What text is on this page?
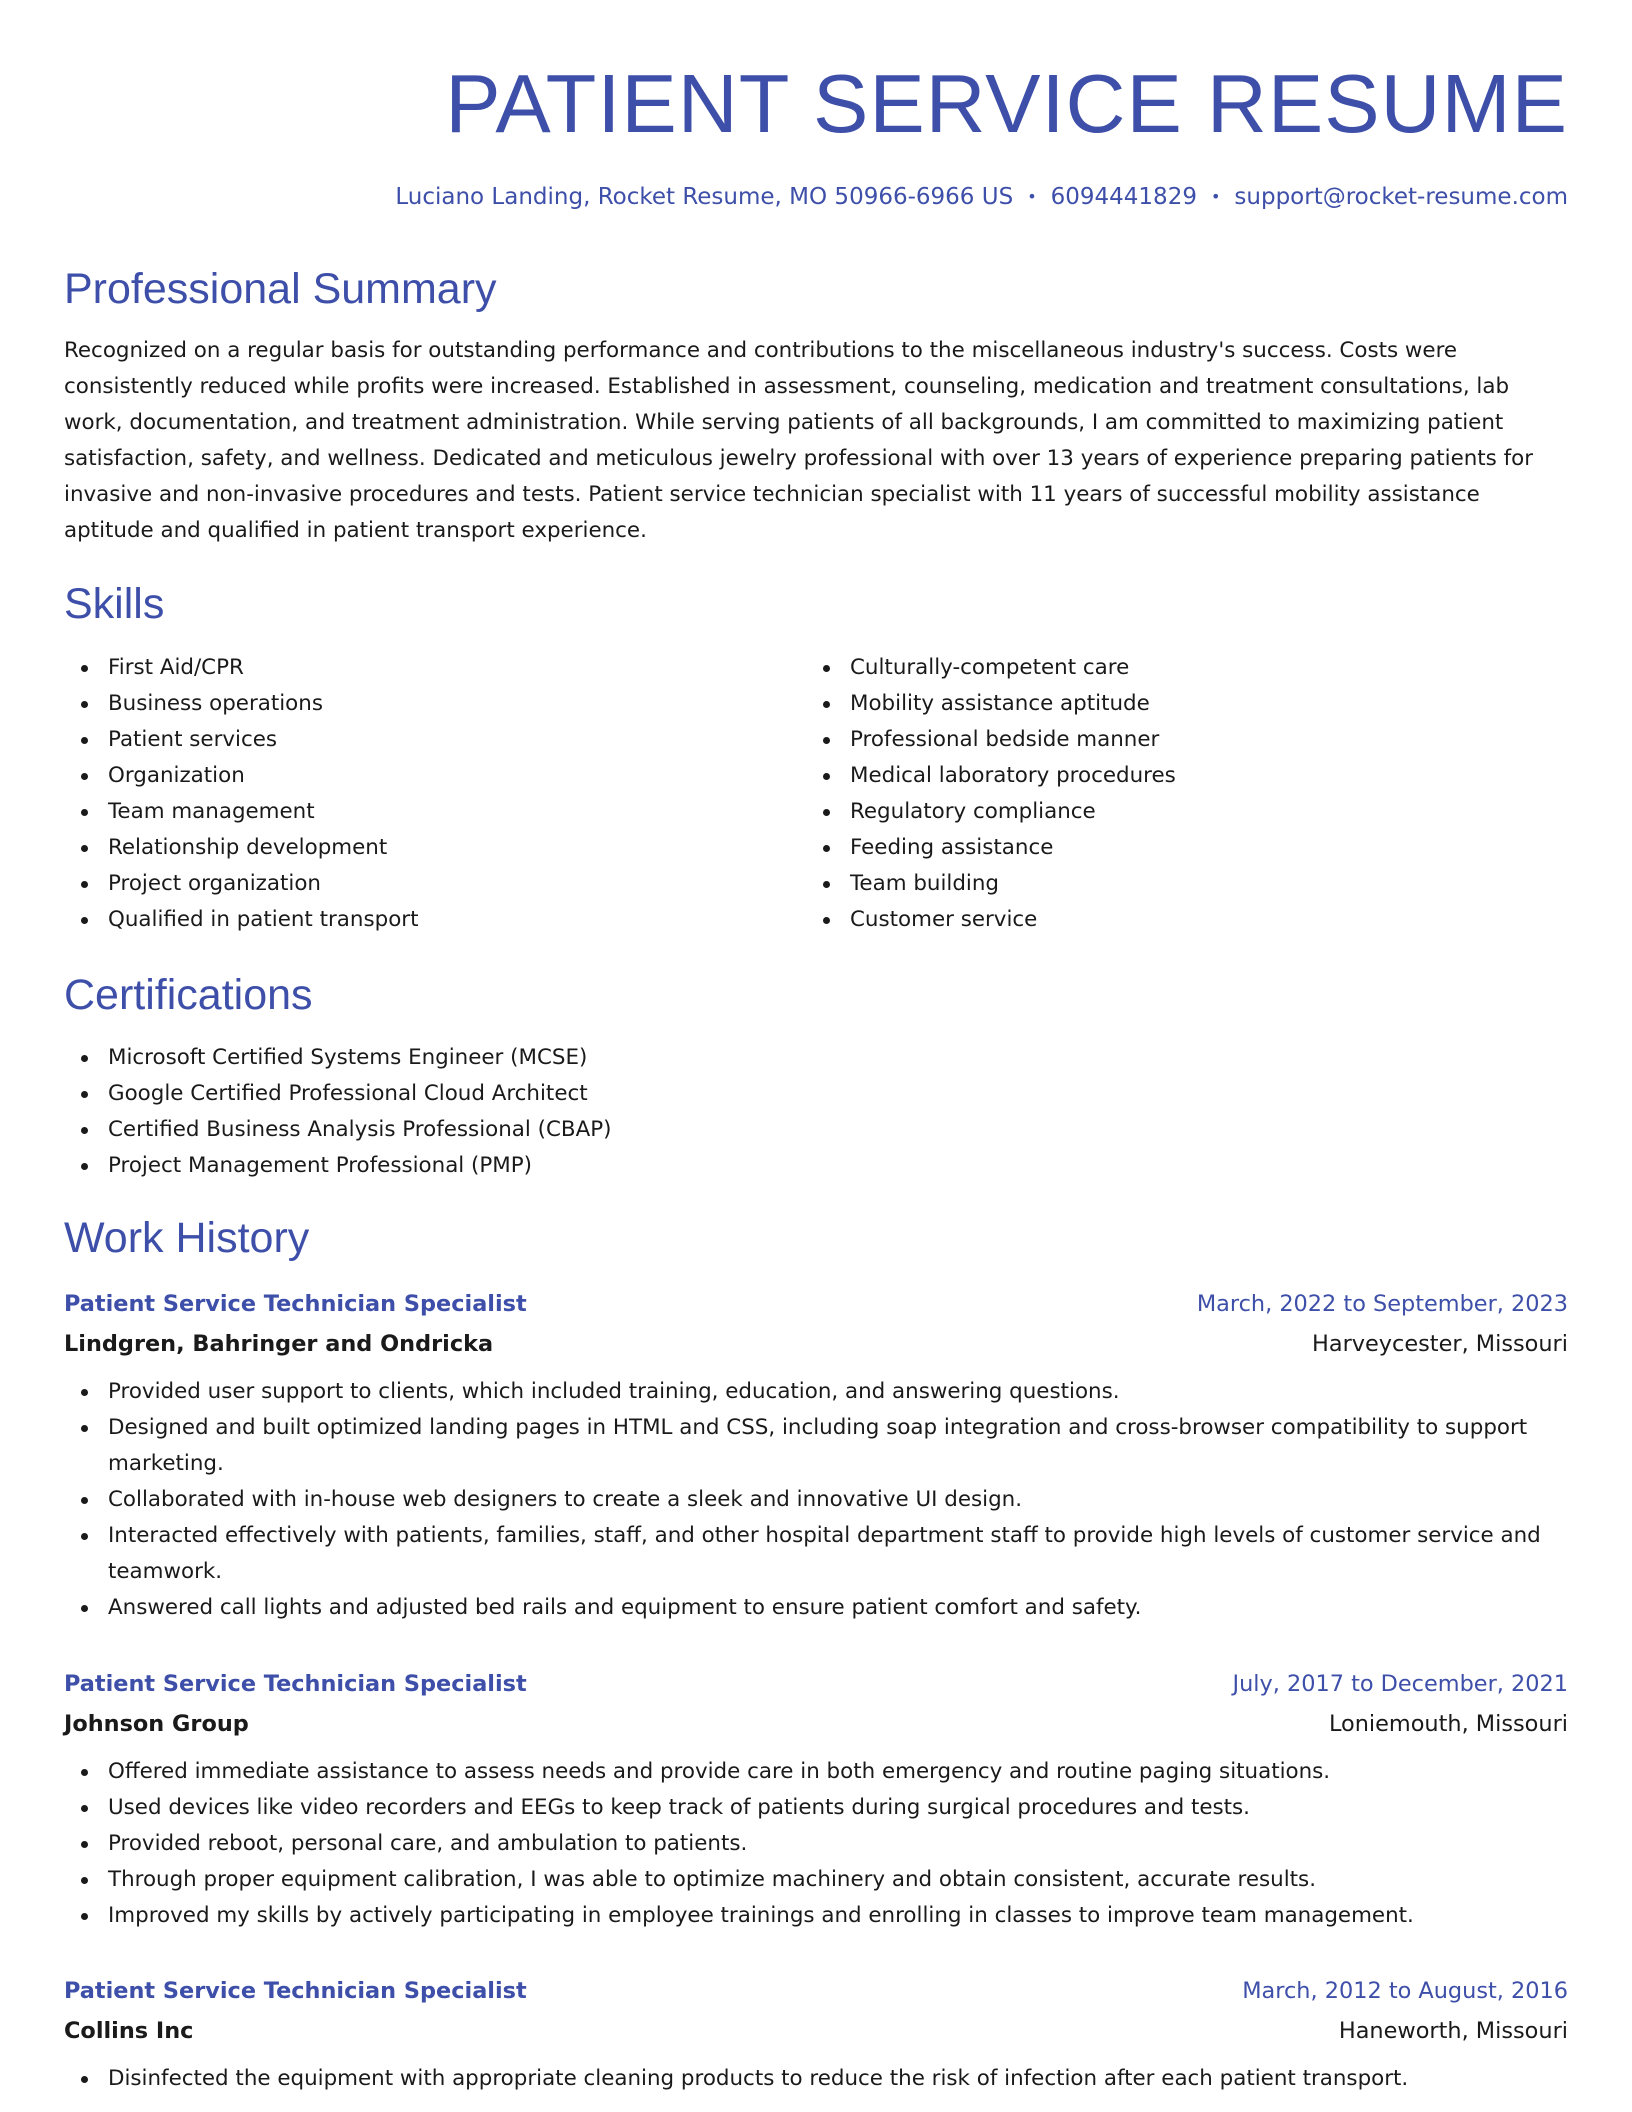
PATIENT SERVICE RESUME
Luciano Landing, Rocket Resume, MO 50966-6966 US • 6094441829 • support@rocket-resume.com
Professional Summary

Recognized on a regular basis for outstanding performance and contributions to the miscellaneous industry's success. Costs were consistently reduced while profits were increased. Established in assessment, counseling, medication and treatment consultations, lab work, documentation, and treatment administration. While serving patients of all backgrounds, I am committed to maximizing patient satisfaction, safety, and wellness. Dedicated and meticulous jewelry professional with over 13 years of experience preparing patients for invasive and non-invasive procedures and tests. Patient service technician specialist with 11 years of successful mobility assistance aptitude and qualified in patient transport experience.

Skills
First Aid/CPR
Business operations
Patient services
Organization
Team management
Relationship development
Project organization
Qualified in patient transport
Culturally-competent care
Mobility assistance aptitude
Professional bedside manner
Medical laboratory procedures
Regulatory compliance
Feeding assistance
Team building
Customer service
Certifications
Microsoft Certified Systems Engineer (MCSE)
Google Certified Professional Cloud Architect
Certified Business Analysis Professional (CBAP)
Project Management Professional (PMP)
Work History
Patient Service Technician Specialist	March, 2022 to September, 2023
Lindgren, Bahringer and Ondricka	Harveycester, Missouri
Provided user support to clients, which included training, education, and answering questions.
Designed and built optimized landing pages in HTML and CSS, including soap integration and cross-browser compatibility to support marketing.
Collaborated with in-house web designers to create a sleek and innovative UI design.
Interacted effectively with patients, families, staff, and other hospital department staff to provide high levels of customer service and teamwork.
Answered call lights and adjusted bed rails and equipment to ensure patient comfort and safety.
Patient Service Technician Specialist	July, 2017 to December, 2021
Johnson Group	Loniemouth, Missouri
Offered immediate assistance to assess needs and provide care in both emergency and routine paging situations.
Used devices like video recorders and EEGs to keep track of patients during surgical procedures and tests.
Provided reboot, personal care, and ambulation to patients.
Through proper equipment calibration, I was able to optimize machinery and obtain consistent, accurate results.
Improved my skills by actively participating in employee trainings and enrolling in classes to improve team management.
Patient Service Technician Specialist	March, 2012 to August, 2016
Collins Inc	Haneworth, Missouri
Disinfected the equipment with appropriate cleaning products to reduce the risk of infection after each patient transport.
